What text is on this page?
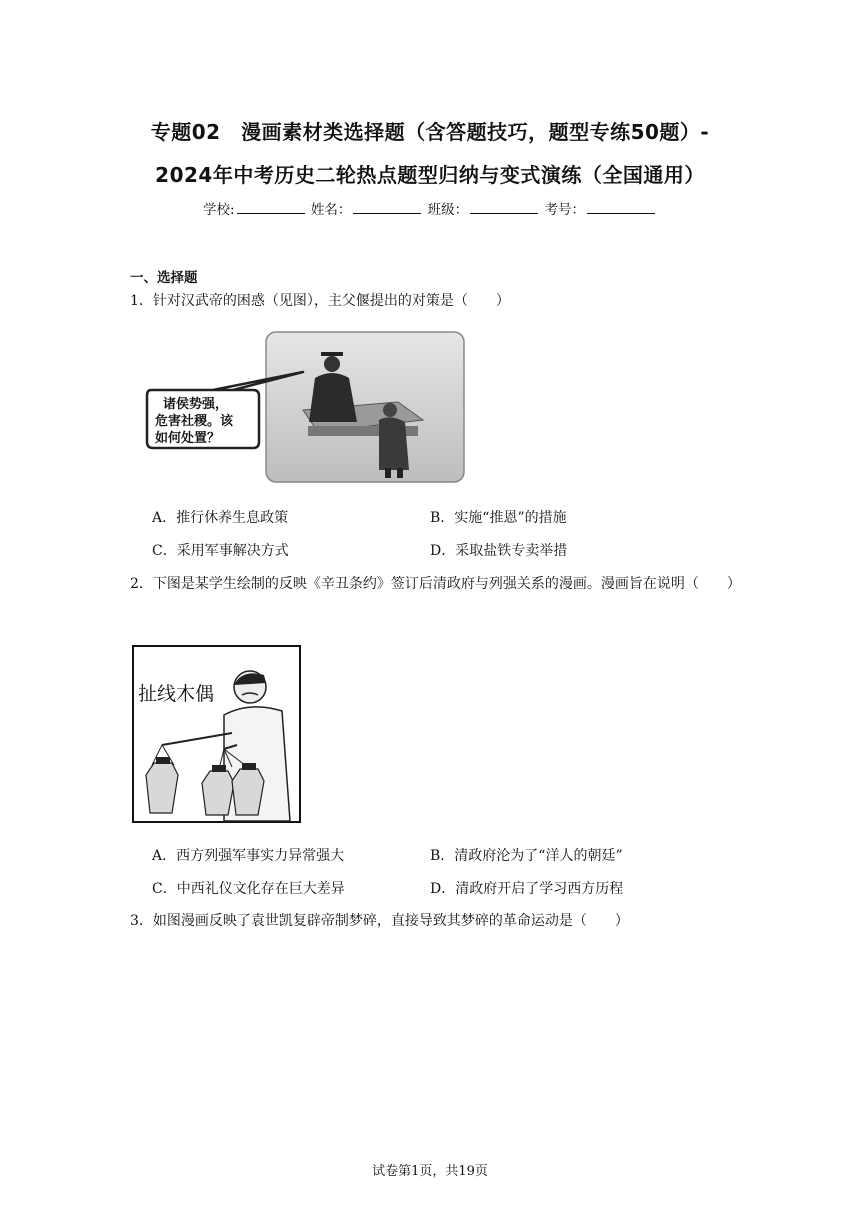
专题02　漫画素材类选择题（含答题技巧，题型专练50题）-
2024年中考历史二轮热点题型归纳与变式演练（全国通用）
学校:	姓名：	班级：	考号：
一、选择题
1．针对汉武帝的困惑（见图），主父偃提出的对策是（　　）
诸侯势强，
危害社稷。该
如何处置？
A．推行休养生息政策	B．实施“推恩”的措施
C．采用军事解决方式	D．采取盐铁专卖举措
2．下图是某学生绘制的反映《辛丑条约》签订后清政府与列强关系的漫画。漫画旨在说明（　　）
扯线木偶
A．西方列强军事实力异常强大	B．清政府沦为了“洋人的朝廷”
C．中西礼仪文化存在巨大差异	D．清政府开启了学习西方历程
3．如图漫画反映了袁世凯复辟帝制梦碎，直接导致其梦碎的革命运动是（　　）
试卷第1页，共19页
